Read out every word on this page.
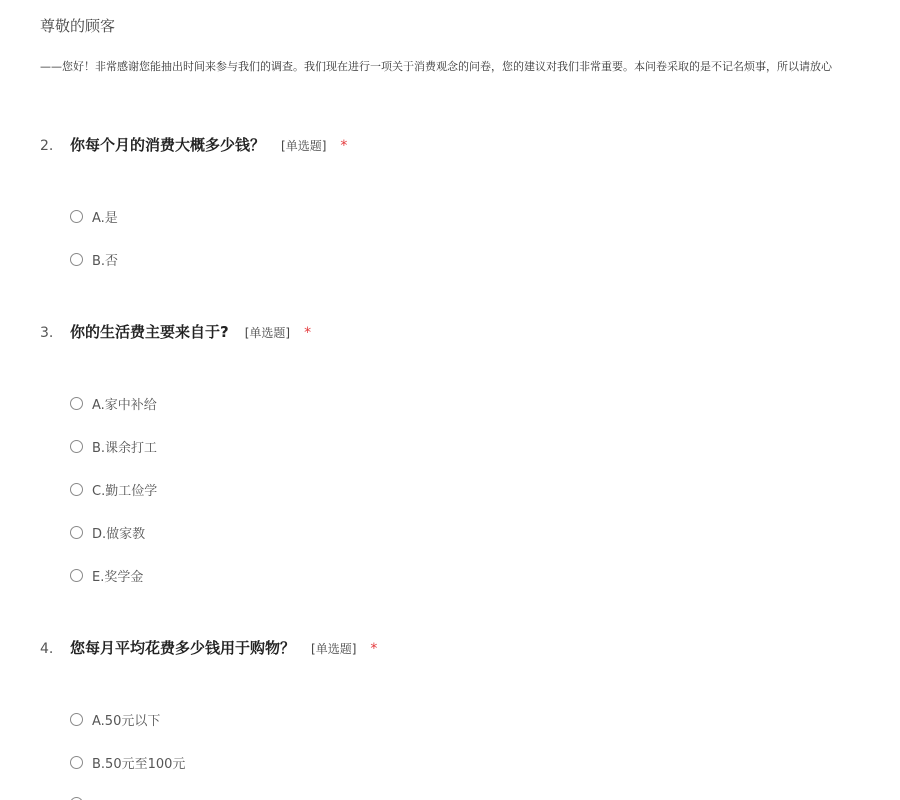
尊敬的顾客
——您好！非常感谢您能抽出时间来参与我们的调查。我们现在进行一项关于消费观念的问卷，您的建议对我们非常重要。本问卷采取的是不记名烦事，所以请放心
2.	你每个月的消费大概多少钱？ [单选题] *
A.是
B.否
3.	你的生活费主要来自于? [单选题] *
A.家中补给
B.课余打工
C.勤工俭学
D.做家教
E.奖学金
4.	您每月平均花费多少钱用于购物？ [单选题] *
A.50元以下
B.50元至100元
